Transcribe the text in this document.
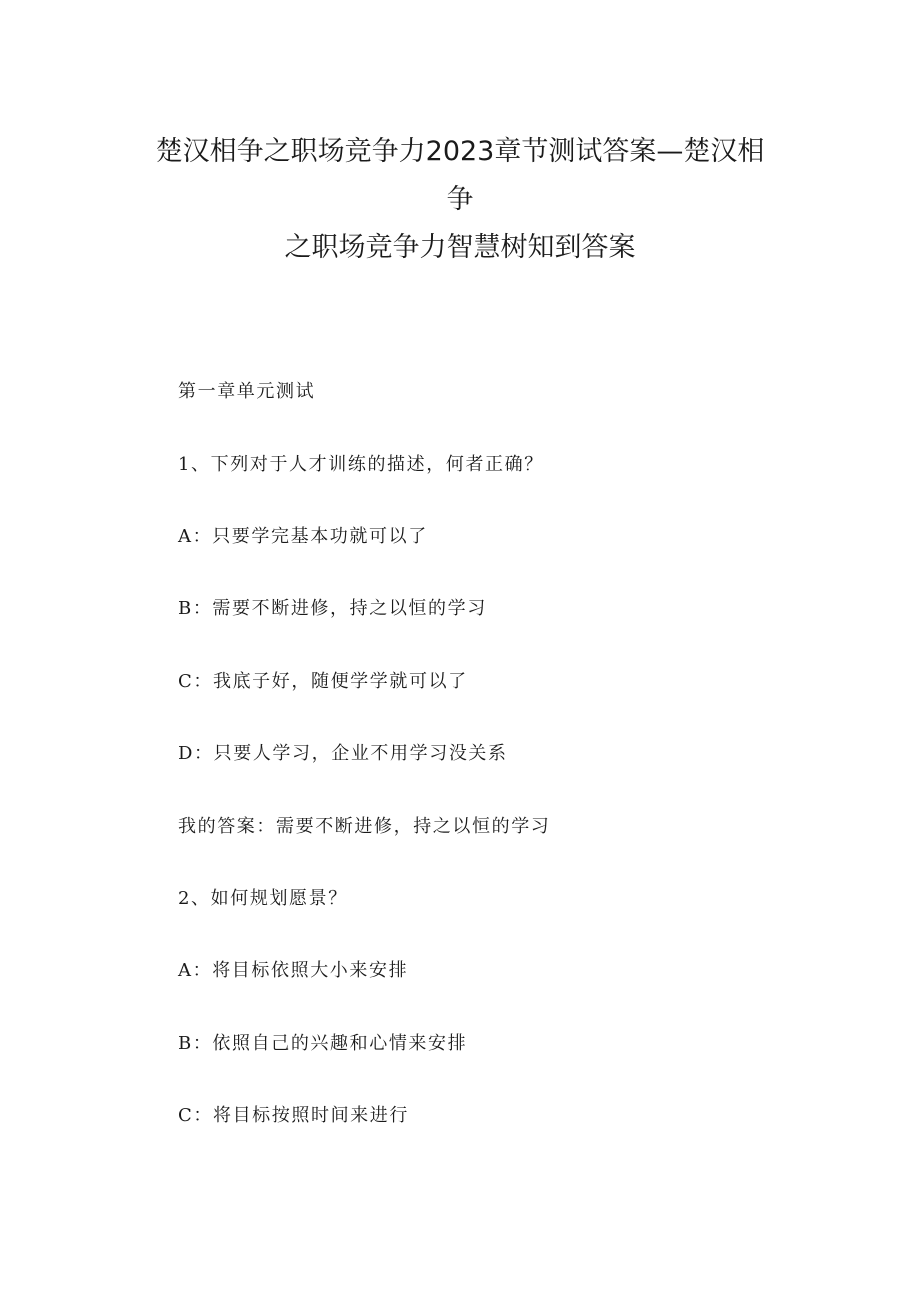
楚汉相争之职场竞争力2023章节测试答案—楚汉相
争
之职场竞争力智慧树知到答案

第一章单元测试

1、下列对于人才训练的描述，何者正确？

A：只要学完基本功就可以了

B：需要不断进修，持之以恒的学习

C：我底子好，随便学学就可以了

D：只要人学习，企业不用学习没关系

我的答案：需要不断进修，持之以恒的学习

2、如何规划愿景？

A：将目标依照大小来安排

B：依照自己的兴趣和心情来安排

C：将目标按照时间来进行
